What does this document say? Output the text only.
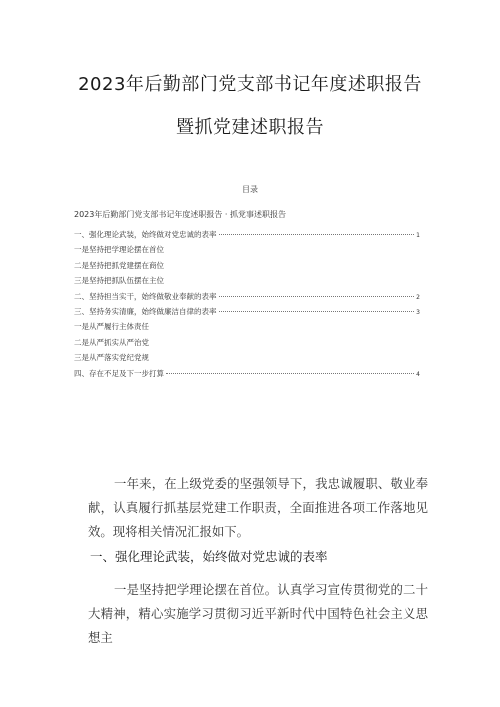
2023年后勤部门党支部书记年度述职报告
暨抓党建述职报告
目录
2023年后勤部门党支部书记年度述职报告 · 抓党事述职报告
一、强化理论武装，始终做对党忠诚的表率	1
一是坚持把学理论摆在首位
二是坚持把抓党建摆在商位
三是坚持把抓队伍摆在主位
二、坚持担当实干，始终做敬业奉献的表率	2
三、坚持务实清廉，始终做廉洁自律的表率	3
一是从严履行主体责任
二是从严抓实从严治党
三是从严落实党纪党规
四、存在不足及下一步打算	4

一年来，在上级党委的坚强领导下，我忠诚履职、敬业奉献，认真履行抓基层党建工作职责，全面推进各项工作落地见效。现将相关情况汇报如下。

一、强化理论武装，始终做对党忠诚的表率

一是坚持把学理论摆在首位。认真学习宣传贯彻党的二十大精神，精心实施学习贯彻习近平新时代中国特色社会主义思想主
